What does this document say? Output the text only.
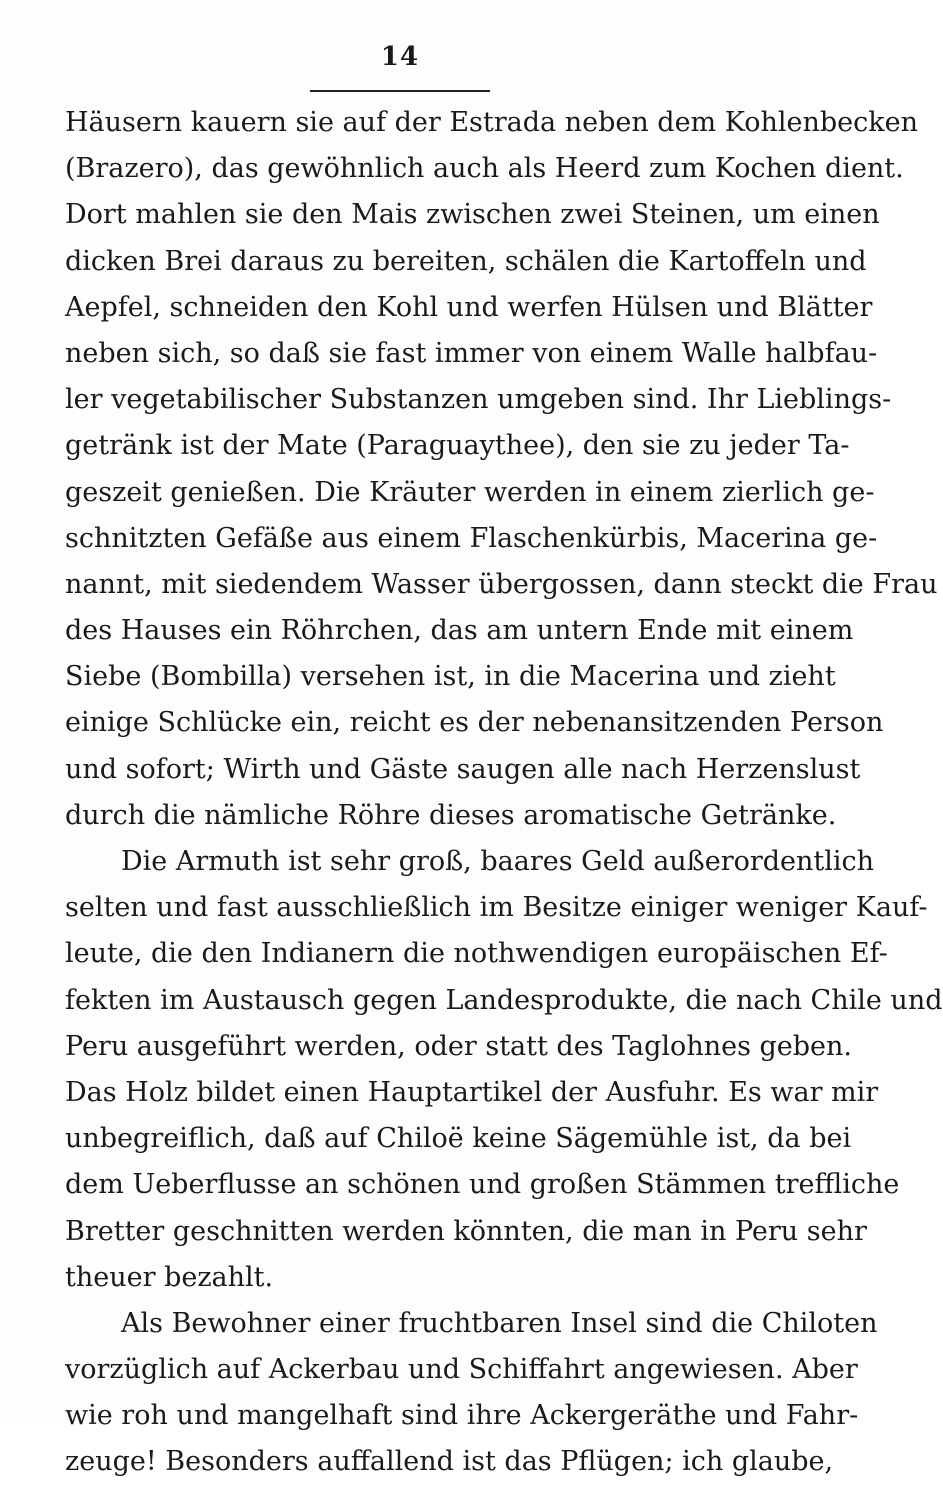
14
Häusern kauern sie auf der Estrada neben dem Kohlenbecken
(Brazero), das gewöhnlich auch als Heerd zum Kochen dient.
Dort mahlen sie den Mais zwischen zwei Steinen, um einen
dicken Brei daraus zu bereiten, schälen die Kartoffeln und
Aepfel, schneiden den Kohl und werfen Hülsen und Blätter
neben sich, so daß sie fast immer von einem Walle halbfau-
ler vegetabilischer Substanzen umgeben sind. Ihr Lieblings-
getränk ist der Mate (Paraguaythee), den sie zu jeder Ta-
geszeit genießen. Die Kräuter werden in einem zierlich ge-
schnitzten Gefäße aus einem Flaschenkürbis, Macerina ge-
nannt, mit siedendem Wasser übergossen, dann steckt die Frau
des Hauses ein Röhrchen, das am untern Ende mit einem
Siebe (Bombilla) versehen ist, in die Macerina und zieht
einige Schlücke ein, reicht es der nebenansitzenden Person
und sofort; Wirth und Gäste saugen alle nach Herzenslust
durch die nämliche Röhre dieses aromatische Getränke.
Die Armuth ist sehr groß, baares Geld außerordentlich
selten und fast ausschließlich im Besitze einiger weniger Kauf-
leute, die den Indianern die nothwendigen europäischen Ef-
fekten im Austausch gegen Landesprodukte, die nach Chile und
Peru ausgeführt werden, oder statt des Taglohnes geben.
Das Holz bildet einen Hauptartikel der Ausfuhr. Es war mir
unbegreiflich, daß auf Chiloë keine Sägemühle ist, da bei
dem Ueberflusse an schönen und großen Stämmen treffliche
Bretter geschnitten werden könnten, die man in Peru sehr
theuer bezahlt.
Als Bewohner einer fruchtbaren Insel sind die Chiloten
vorzüglich auf Ackerbau und Schiffahrt angewiesen. Aber
wie roh und mangelhaft sind ihre Ackergeräthe und Fahr-
zeuge! Besonders auffallend ist das Pflügen; ich glaube,
